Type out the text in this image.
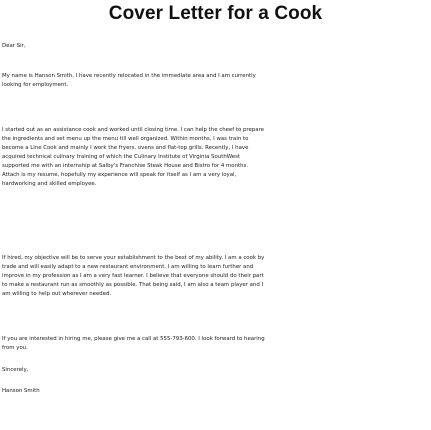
Cover Letter for a Cook

Dear Sir,

My name is Hanson Smith, I have recently relocated in the immediate area and I am currently
looking for employment.

I started out as an assistance cook and worked until closing time. I can help the cheef to prepare
the ingredients and set menu up the menu till well organized. Within months, I was train to
become a Line Cook and mainly I work the fryers, ovens and flat-top grills. Recently, I have
acquired technical culinary training of which the Culinary Institute of Virginia SouthWest
supported me with an internship at Salby's Franchise Steak House and Bistro for 4 months.
Attach is my resume, hopefully my experience will speak for itself as I am a very loyal,
hardworking and skilled employee.

If hired, my objective will be to serve your establishment to the best of my ability. I am a cook by
trade and will easily adapt to a new restaurant environment. I am willing to learn further and
improve in my profession as I am a very fast learner. I believe that everyone should do their part
to make a restaurant run as smoothly as possible. That being said, I am also a team player and I
am willing to help out wherever needed.

If you are interested in hiring me, please give me a call at 555-793-600. I look forward to hearing
from you.

Sincerely,

Hanson Smith
